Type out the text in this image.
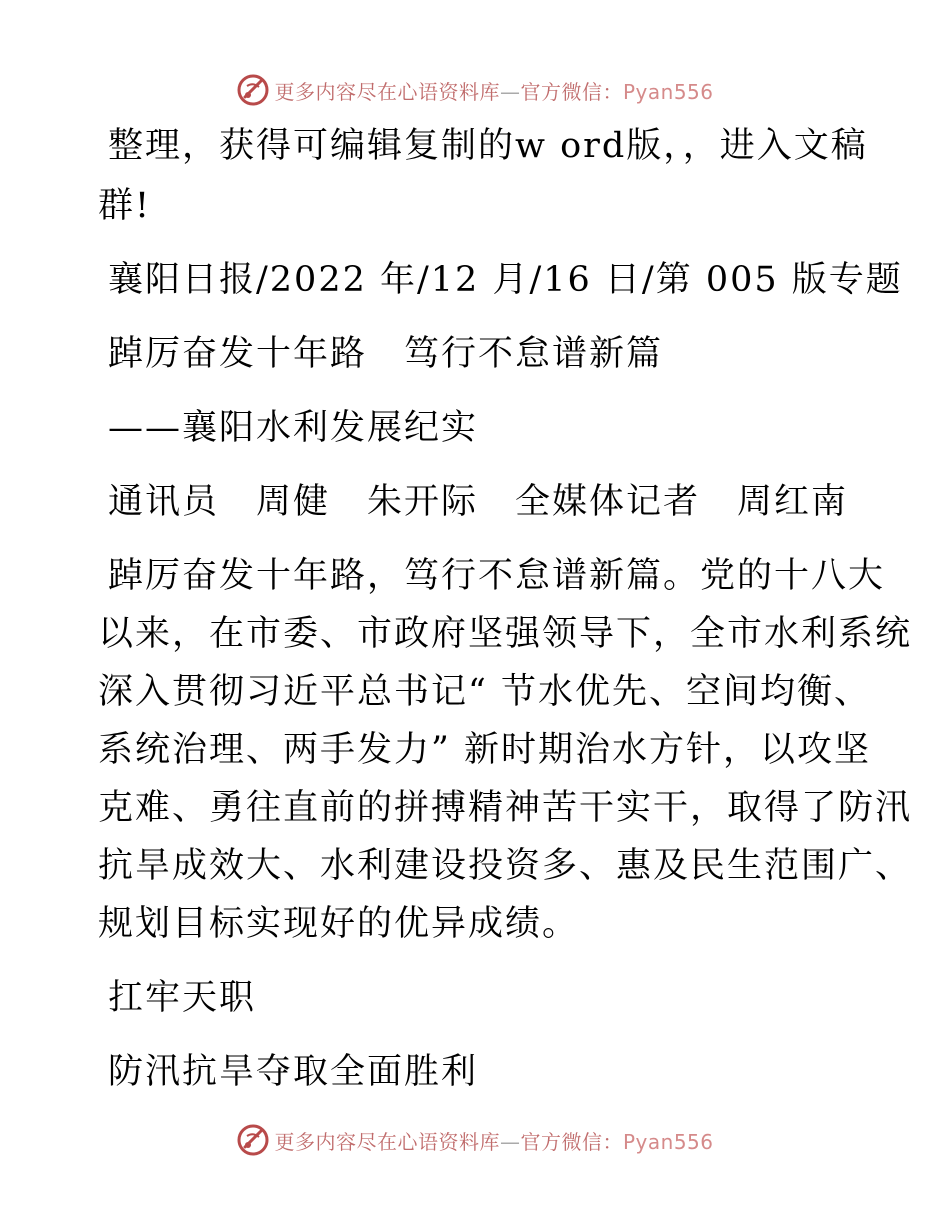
更多内容尽在心语资料库—官方微信：Pyan556
整理，获得可编辑复制的w ord版，，进入文稿
群!
襄阳日报/2022 年/12 月/16 日/第 005 版专题
踔厉奋发十年路　笃行不怠谱新篇
——襄阳水利发展纪实
通讯员　周健　朱开际　全媒体记者　周红南
踔厉奋发十年路，笃行不怠谱新篇。党的十八大
以来，在市委、市政府坚强领导下，全市水利系统
深入贯彻习近平总书记“ 节水优先、空间均衡、
系统治理、两手发力” 新时期治水方针，以攻坚
克难、勇往直前的拼搏精神苦干实干，取得了防汛
抗旱成效大、水利建设投资多、惠及民生范围广、
规划目标实现好的优异成绩。
扛牢天职
防汛抗旱夺取全面胜利
更多内容尽在心语资料库—官方微信：Pyan556
